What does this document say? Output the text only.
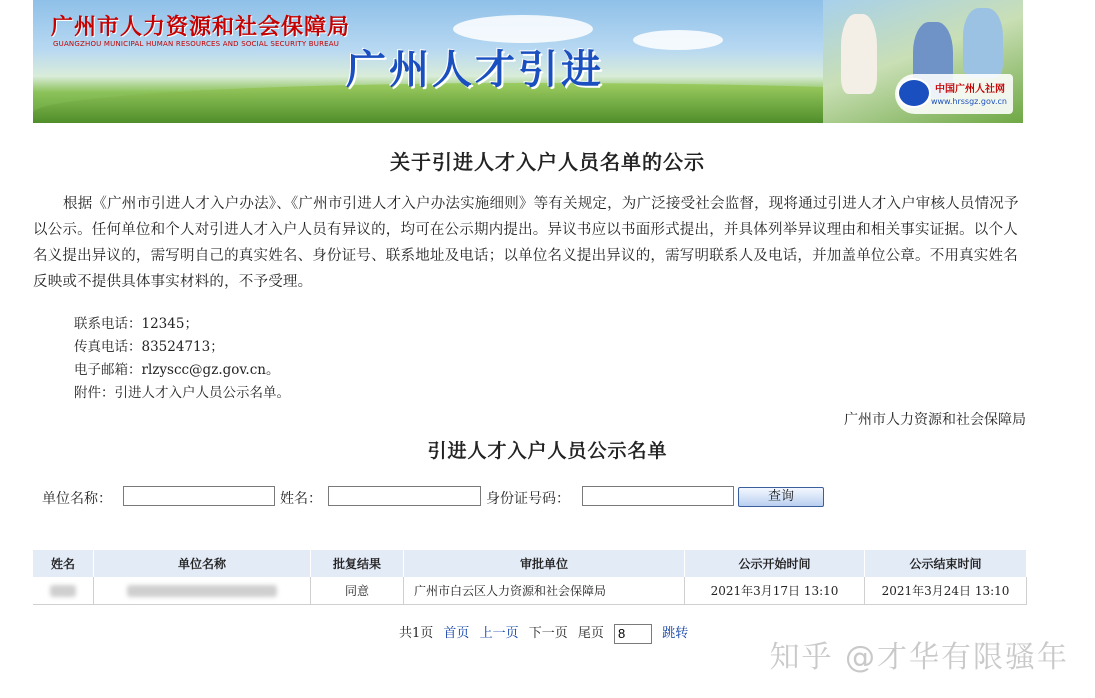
广州市人力资源和社会保障局
GUANGZHOU MUNICIPAL HUMAN RESOURCES AND SOCIAL SECURITY BUREAU
广州人才引进	中国广州人社网
www.hrssgz.gov.cn
关于引进人才入户人员名单的公示
根据《广州市引进人才入户办法》、《广州市引进人才入户办法实施细则》等有关规定，为广泛接受社会监督，现将通过引进人才入户审核人员情况予以公示。任何单位和个人对引进人才入户人员有异议的，均可在公示期内提出。异议书应以书面形式提出，并具体列举异议理由和相关事实证据。以个人名义提出异议的，需写明自己的真实姓名、身份证号、联系地址及电话；以单位名义提出异议的，需写明联系人及电话，并加盖单位公章。不用真实姓名反映或不提供具体事实材料的，不予受理。
联系电话：12345；
传真电话：83524713；
电子邮箱：rlzyscc@gz.gov.cn。
附件：引进人才入户人员公示名单。
广州市人力资源和社会保障局
引进人才入户人员公示名单
单位名称：	姓名：	身份证号码：	查询
姓名	单位名称	批复结果	审批单位	公示开始时间	公示结束时间
		同意	广州市白云区人力资源和社会保障局	2021年3月17日 13:10	2021年3月24日 13:10
共1页 首页 上一页 下一页 尾页 8	跳转
知乎 @才华有限骚年
